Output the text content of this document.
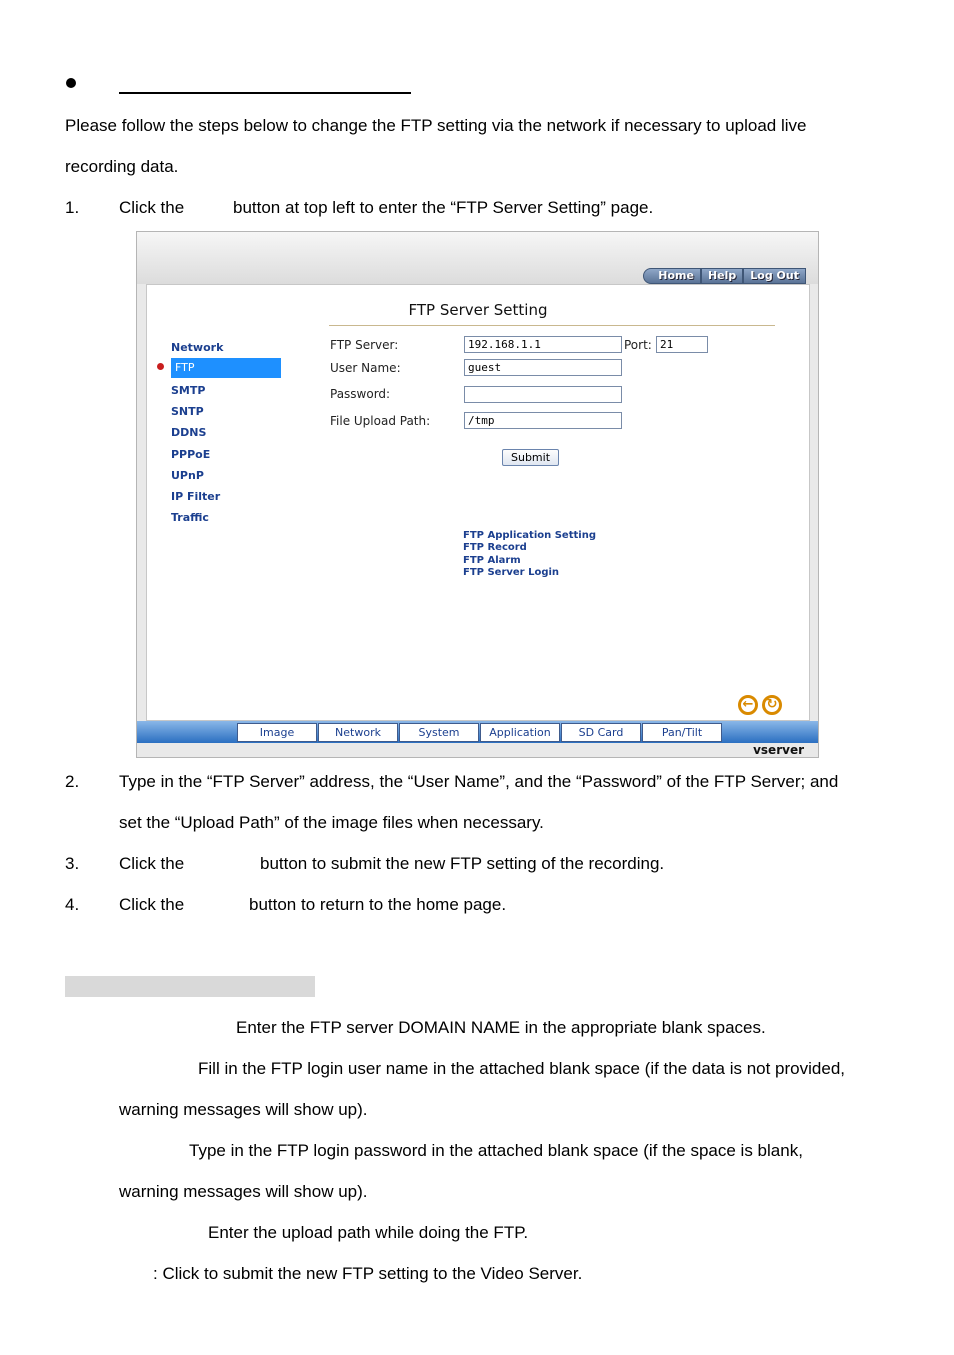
Please follow the steps below to change the FTP setting via the network if necessary to upload live
recording data.
1. Click the	button at top left to enter the “FTP Server Setting” page.
Home	Help	Log Out
FTP Server Setting
Network
FTP
SMTP
SNTP
DDNS
PPPoE
UPnP
IP Filter
Traffic
FTP Server:	192.168.1.1	Port: 21
User Name:	guest
Password:
File Upload Path:	/tmp
Submit
FTP Application Setting
FTP Record
FTP Alarm
FTP Server Login
←	↻
Image	Network	System	Application	SD Card	Pan/Tilt
vserver
2. Type in the “FTP Server” address, the “User Name”, and the “Password” of the FTP Server; and
set the “Upload Path” of the image files when necessary.
3. Click the	button to submit the new FTP setting of the recording.
4. Click the	button to return to the home page.
Enter the FTP server DOMAIN NAME in the appropriate blank spaces.
Fill in the FTP login user name in the attached blank space (if the data is not provided,
warning messages will show up).
Type in the FTP login password in the attached blank space (if the space is blank,
warning messages will show up).
Enter the upload path while doing the FTP.
: Click to submit the new FTP setting to the Video Server.
